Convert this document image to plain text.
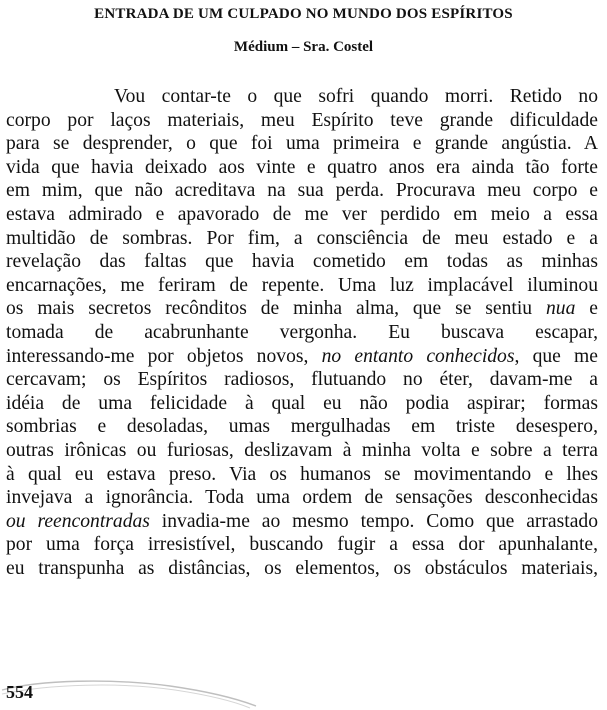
ENTRADA DE UM CULPADO NO MUNDO DOS ESPÍRITOS
Médium – Sra. Costel
Vou contar-te o que sofri quando morri. Retido no
corpo por laços materiais, meu Espírito teve grande dificuldade
para se desprender, o que foi uma primeira e grande angústia. A
vida que havia deixado aos vinte e quatro anos era ainda tão forte
em mim, que não acreditava na sua perda. Procurava meu corpo e
estava admirado e apavorado de me ver perdido em meio a essa
multidão de sombras. Por fim, a consciência de meu estado e a
revelação das faltas que havia cometido em todas as minhas
encarnações, me feriram de repente. Uma luz implacável iluminou
os mais secretos recônditos de minha alma, que se sentiu nua e
tomada de acabrunhante vergonha. Eu buscava escapar,
interessando-me por objetos novos, no entanto conhecidos, que me
cercavam; os Espíritos radiosos, flutuando no éter, davam-me a
idéia de uma felicidade à qual eu não podia aspirar; formas
sombrias e desoladas, umas mergulhadas em triste desespero,
outras irônicas ou furiosas, deslizavam à minha volta e sobre a terra
à qual eu estava preso. Via os humanos se movimentando e lhes
invejava a ignorância. Toda uma ordem de sensações desconhecidas
ou reencontradas invadia-me ao mesmo tempo. Como que arrastado
por uma força irresistível, buscando fugir a essa dor apunhalante,
eu transpunha as distâncias, os elementos, os obstáculos materiais,
554
